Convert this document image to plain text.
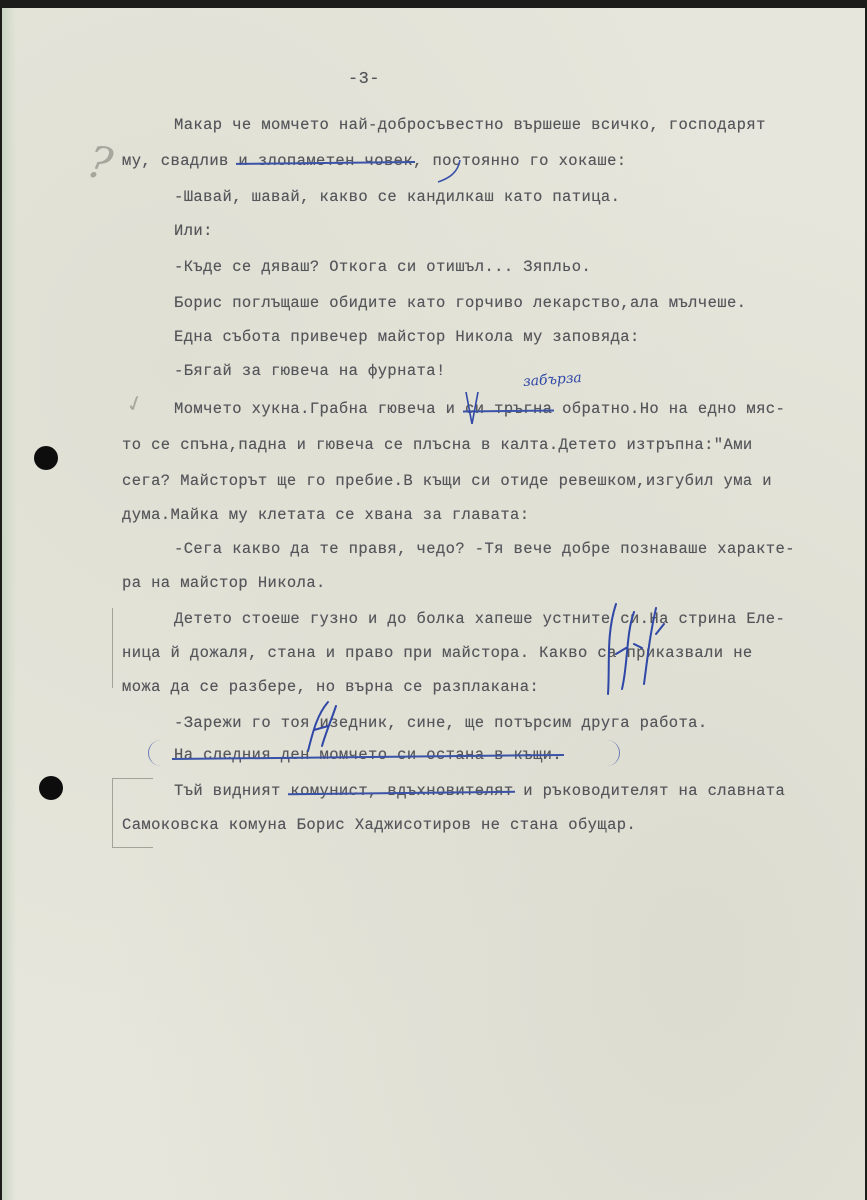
-3-
Макар че момчето най-добросъвестно вършеше всичко, господарят
му, свадлив и злопаметен човек, постоянно го хокаше:
-Шавай, шавай, какво се кандилкаш като патица.
Или:
-Къде се дяваш? Откога си отишъл... Зяпльо.
Борис поглъщаше обидите като горчиво лекарство,ала мълчеше.
Една събота привечер майстор Никола му заповяда:
-Бягай за гювеча на фурната!	забърза
Момчето хукна.Грабна гювеча и си тръгна обратно.Но на едно мяс-
то се спъна,падна и гювеча се плъсна в калта.Детето изтръпна:"Ами
сега? Майсторът ще го пребие.В къщи си отиде ревешком,изгубил ума и
дума.Майка му клетата се хвана за главата:
-Сега какво да те правя, чедо? -Тя вече добре познаваше характе-
ра на майстор Никола.
Детето стоеше гузно и до болка хапеше устните си.На стрина Еле-
ница й дожаля, стана и право при майстора. Какво са приказвали не
можа да се разбере, но върна се разплакана:
-Зарежи го тоя изедник, сине, ще потърсим друга работа.
На следния ден момчето си остана в къщи.
Тъй видният комунист, вдъхновителят и ръководителят на славната
Самоковска комуна Борис Хаджисотиров не стана обущар.
?
✓
